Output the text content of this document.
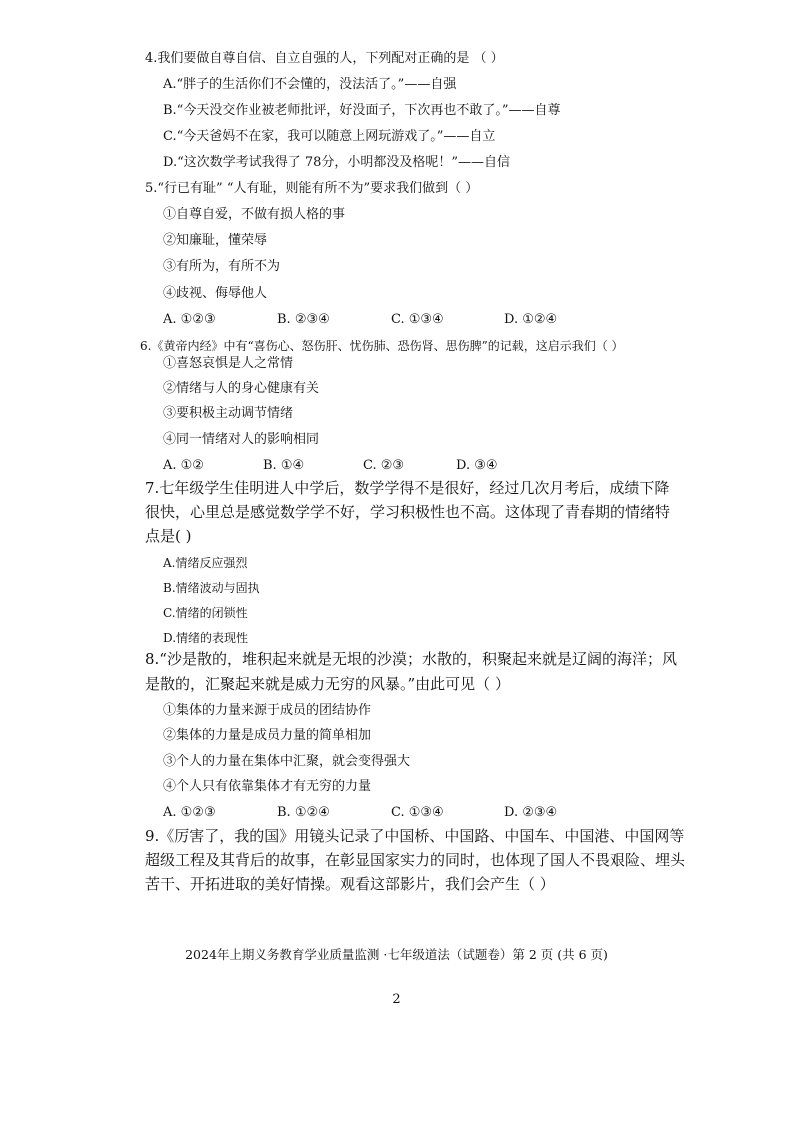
4.我们要做自尊自信、自立自强的人，下列配对正确的是 （ ）
A.“胖子的生活你们不会懂的，没法活了。”——自强
B.“今天没交作业被老师批评，好没面子，下次再也不敢了。”——自尊
C.“今天爸妈不在家，我可以随意上网玩游戏了。”——自立
D.“这次数学考试我得了 78分，小明都没及格呢！”——自信
5.“行已有耻” “人有耻，则能有所不为”要求我们做到（ ）
①自尊自爱，不做有损人格的事
②知廉耻，懂荣辱
③有所为，有所不为
④歧视、侮辱他人
A. ①②③	B. ②③④	C. ①③④	D. ①②④
6.《黄帝内经》中有“喜伤心、怒伤肝、忧伤肺、恐伤肾、思伤脾”的记载，这启示我们（ ）
①喜怒哀惧是人之常情
②情绪与人的身心健康有关
③要积极主动调节情绪
④同一情绪对人的影响相同
A. ①②	B. ①④	C. ②③	D. ③④
7.七年级学生佳明进人中学后，数学学得不是很好，经过几次月考后，成绩下降
很快，心里总是感觉数学学不好，学习积极性也不高。这体现了青春期的情绪特
点是( )
A.情绪反应强烈
B.情绪波动与固执
C.情绪的闭锁性
D.情绪的表现性
8.“沙是散的，堆积起来就是无垠的沙漠；水散的，积聚起来就是辽阔的海洋；风
是散的，汇聚起来就是威力无穷的风暴。”由此可见（ ）
①集体的力量来源于成员的团结协作
②集体的力量是成员力量的简单相加
③个人的力量在集体中汇聚，就会变得强大
④个人只有依靠集体才有无穷的力量
A. ①②③	B. ①②④	C. ①③④	D. ②③④
9.《厉害了，我的国》用镜头记录了中国桥、中国路、中国车、中国港、中国网等
超级工程及其背后的故事，在彰显国家实力的同时，也体现了国人不畏艰险、埋头
苦干、开拓进取的美好情操。观看这部影片，我们会产生（ ）
2024年上期义务教育学业质量监测 ·七年级道法（试题卷）第 2 页 (共 6 页)
2
